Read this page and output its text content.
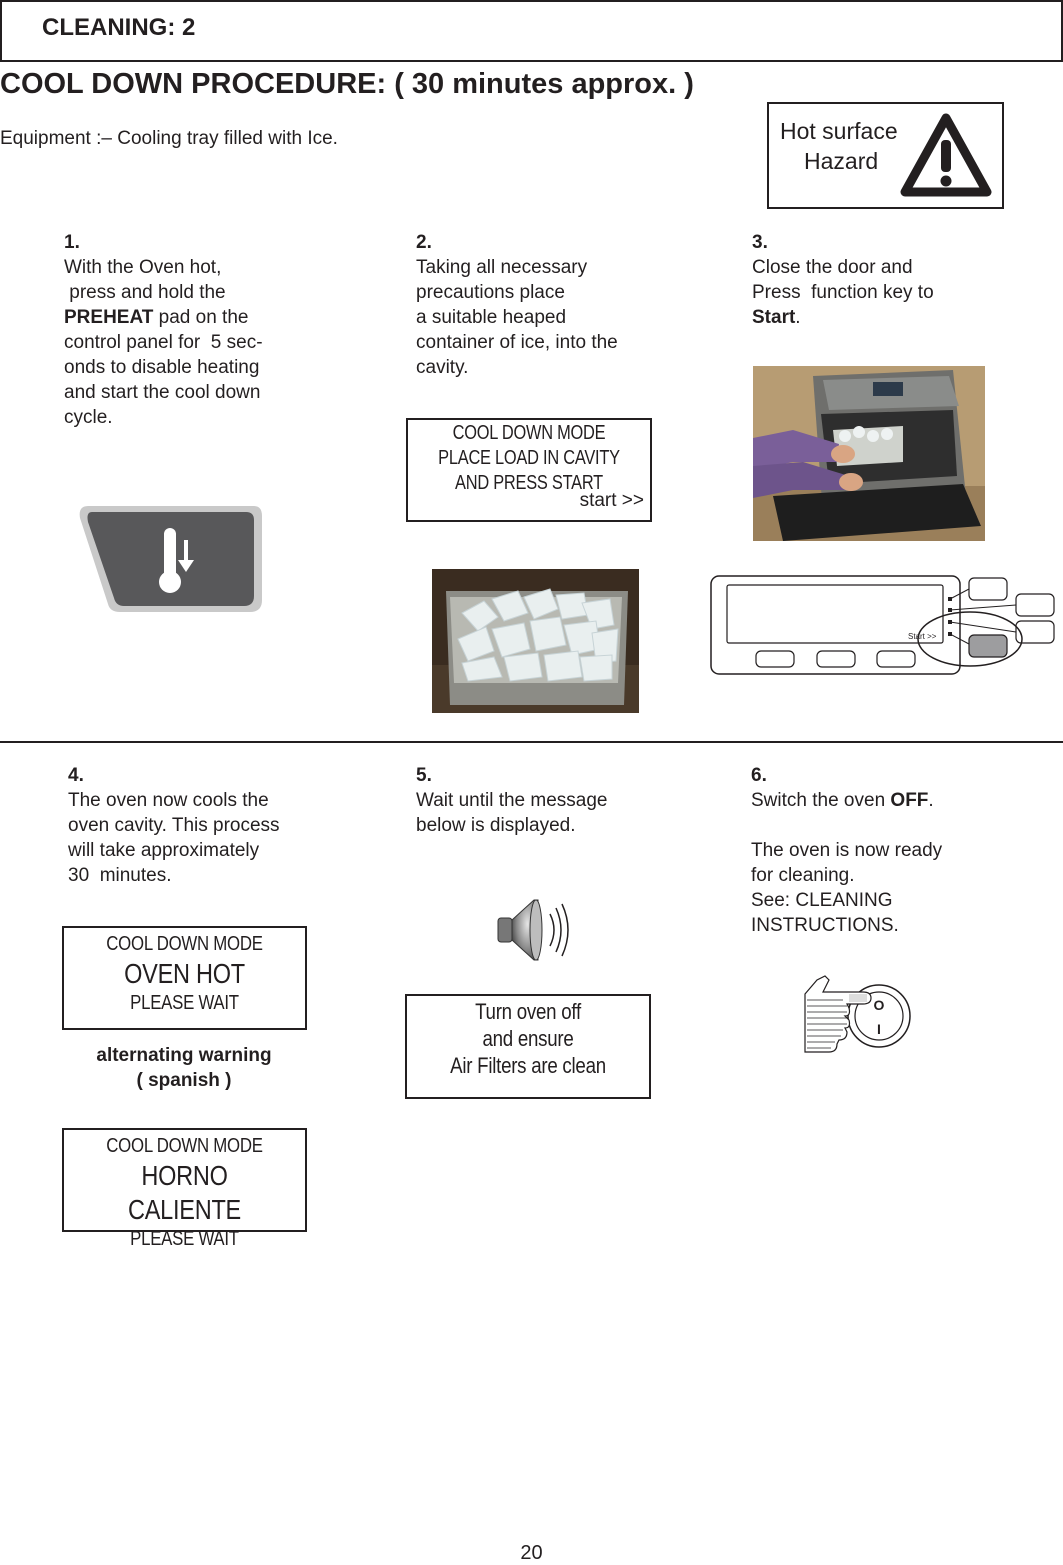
CLEANING: 2
COOL DOWN PROCEDURE: ( 30 minutes approx. )
Equipment :– Cooling tray filled with Ice.	Hot surface
Hazard
1.
With the Oven hot,
press and hold the
PREHEAT pad on the
control panel for  5 sec-
onds to disable heating
and start the cool down
cycle.
2.
Taking all necessary
precautions place
a suitable heaped
container of ice, into the
cavity.
COOL DOWN MODE
PLACE LOAD IN CAVITY
AND PRESS START
start >>
3.
Close the door and
Press  function key to
Start.
Start >>
4.
The oven now cools the
oven cavity. This process
will take approximately
30  minutes.
COOL DOWN MODE
OVEN HOT
PLEASE WAIT
alternating warning
( spanish )
COOL DOWN MODE
HORNO CALIENTE
PLEASE WAIT
5.
Wait until the message
below is displayed.
Turn oven off
and ensure
Air Filters are clean
6.
Switch the oven OFF.
The oven is now ready
for cleaning.
See: CLEANING
INSTRUCTIONS.
O
I
20
